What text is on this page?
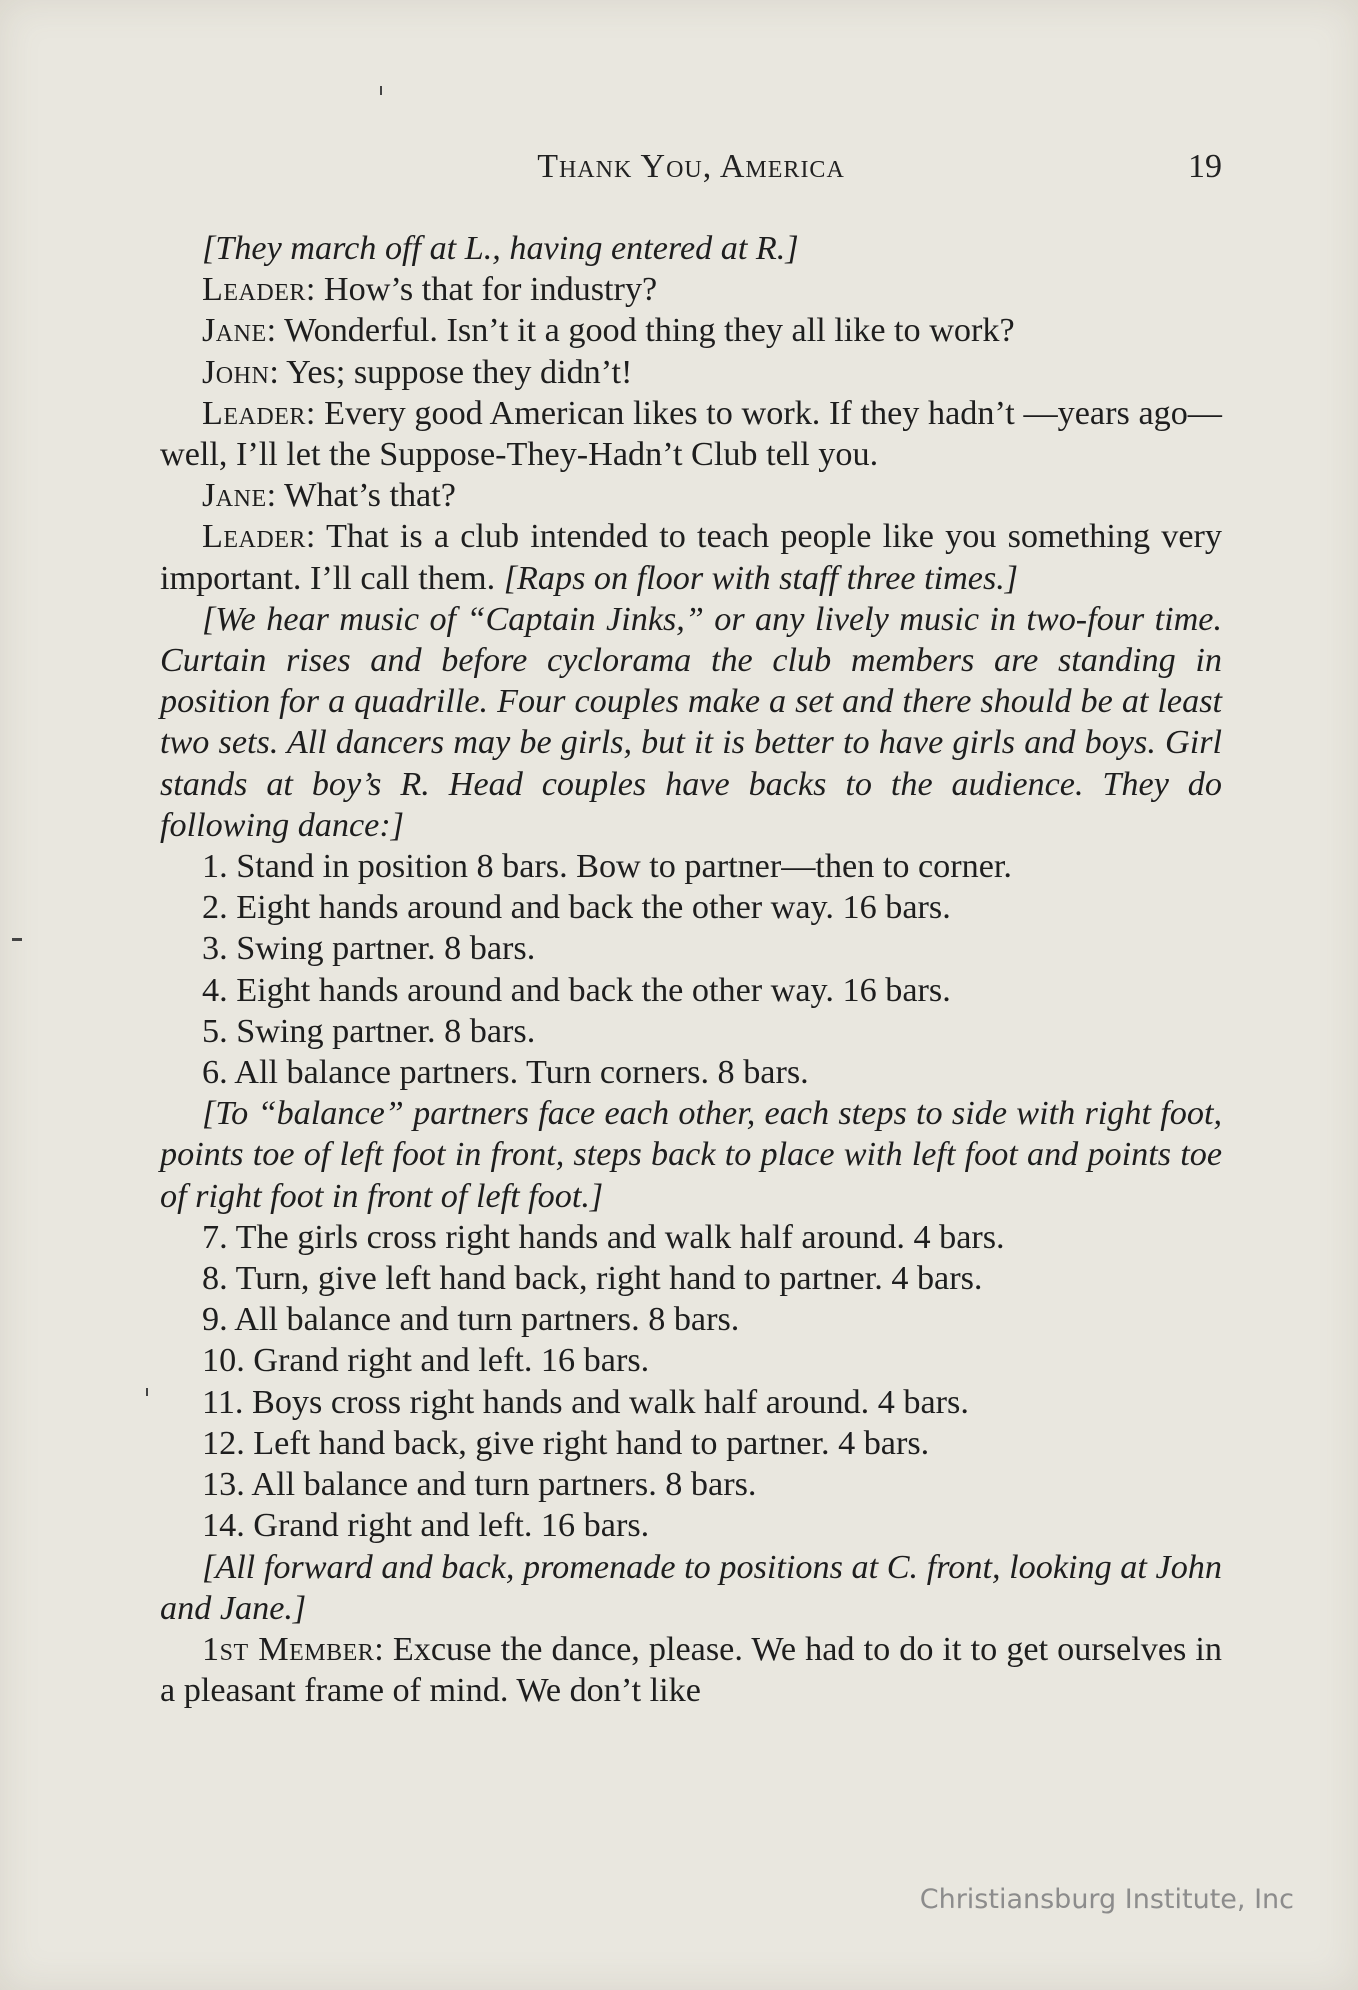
Thank You, America	19

[They march off at L., having entered at R.]

Leader: How’s that for industry?

Jane: Wonderful. Isn’t it a good thing they all like to work?

John: Yes; suppose they didn’t!

Leader: Every good American likes to work. If they hadn’t —years ago—well, I’ll let the Suppose-They-Hadn’t Club tell you.

Jane: What’s that?

Leader: That is a club intended to teach people like you something very important. I’ll call them. [Raps on floor with staff three times.]

[We hear music of “Captain Jinks,” or any lively music in two-four time. Curtain rises and before cyclorama the club members are standing in position for a quadrille. Four couples make a set and there should be at least two sets. All dancers may be girls, but it is better to have girls and boys. Girl stands at boy’s R. Head couples have backs to the audience. They do following dance:]

1. Stand in position 8 bars. Bow to partner—then to corner.

2. Eight hands around and back the other way. 16 bars.

3. Swing partner. 8 bars.

4. Eight hands around and back the other way. 16 bars.

5. Swing partner. 8 bars.

6. All balance partners. Turn corners. 8 bars.

[To “balance” partners face each other, each steps to side with right foot, points toe of left foot in front, steps back to place with left foot and points toe of right foot in front of left foot.]

7. The girls cross right hands and walk half around. 4 bars.

8. Turn, give left hand back, right hand to partner. 4 bars.

9. All balance and turn partners. 8 bars.

10. Grand right and left. 16 bars.

11. Boys cross right hands and walk half around. 4 bars.

12. Left hand back, give right hand to partner. 4 bars.

13. All balance and turn partners. 8 bars.

14. Grand right and left. 16 bars.

[All forward and back, promenade to positions at C. front, looking at John and Jane.]

1st Member: Excuse the dance, please. We had to do it to get ourselves in a pleasant frame of mind. We don’t like

Christiansburg Institute, Inc
